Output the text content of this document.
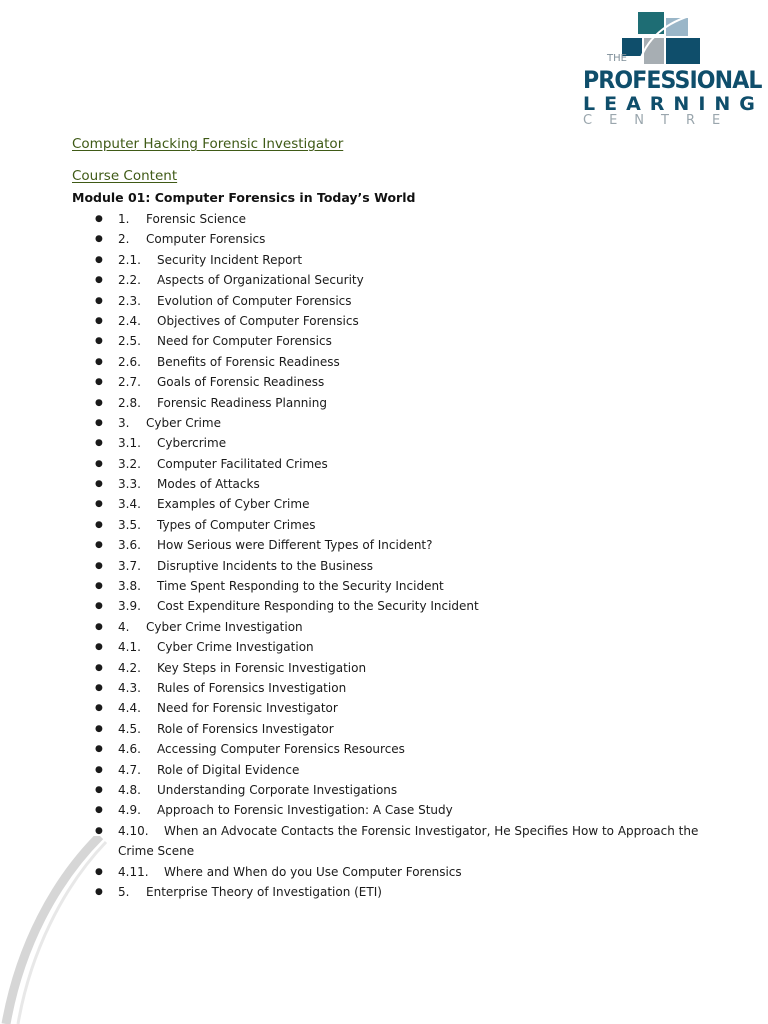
THE
PROFESSIONAL
LEARNING
CENTRE
Computer Hacking Forensic Investigator
Course Content
Module 01: Computer Forensics in Today’s World
● 1. Forensic Science
● 2. Computer Forensics
● 2.1. Security Incident Report
● 2.2. Aspects of Organizational Security
● 2.3. Evolution of Computer Forensics
● 2.4. Objectives of Computer Forensics
● 2.5. Need for Computer Forensics
● 2.6. Benefits of Forensic Readiness
● 2.7. Goals of Forensic Readiness
● 2.8. Forensic Readiness Planning
● 3. Cyber Crime
● 3.1. Cybercrime
● 3.2. Computer Facilitated Crimes
● 3.3. Modes of Attacks
● 3.4. Examples of Cyber Crime
● 3.5. Types of Computer Crimes
● 3.6. How Serious were Different Types of Incident?
● 3.7. Disruptive Incidents to the Business
● 3.8. Time Spent Responding to the Security Incident
● 3.9. Cost Expenditure Responding to the Security Incident
● 4. Cyber Crime Investigation
● 4.1. Cyber Crime Investigation
● 4.2. Key Steps in Forensic Investigation
● 4.3. Rules of Forensics Investigation
● 4.4. Need for Forensic Investigator
● 4.5. Role of Forensics Investigator
● 4.6. Accessing Computer Forensics Resources
● 4.7. Role of Digital Evidence
● 4.8. Understanding Corporate Investigations
● 4.9. Approach to Forensic Investigation: A Case Study
● 4.10. When an Advocate Contacts the Forensic Investigator, He Specifies How to Approach the
Crime Scene
● 4.11. Where and When do you Use Computer Forensics
● 5. Enterprise Theory of Investigation (ETI)
